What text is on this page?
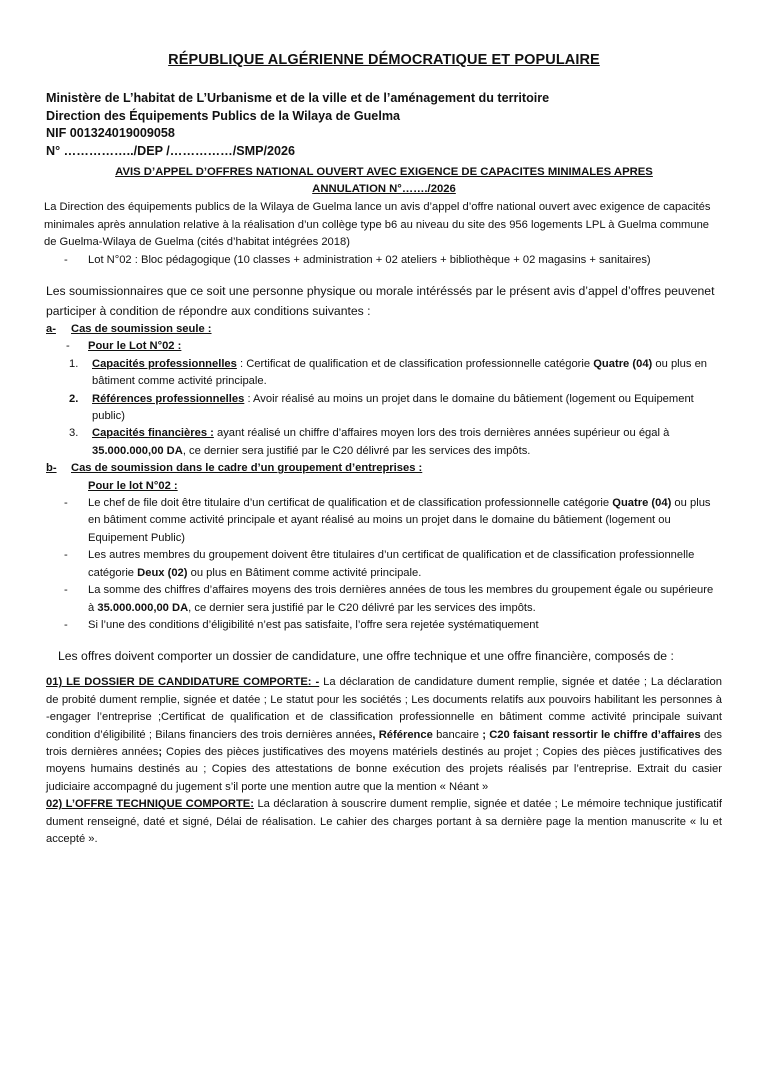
RÉPUBLIQUE ALGÉRIENNE DÉMOCRATIQUE ET POPULAIRE

Ministère de L’habitat de L’Urbanisme et de la ville et de l’aménagement du territoire

Direction des Équipements Publics de la Wilaya de Guelma

NIF 001324019009058

N° ……………../DEP /……………/SMP/2026

AVIS D’APPEL D’OFFRES NATIONAL OUVERT AVEC EXIGENCE DE CAPACITES MINIMALES APRES
ANNULATION N°……./2026

La Direction des équipements publics de la Wilaya de Guelma lance un avis d’appel d’offre national ouvert avec exigence de capacités minimales après annulation relative à la réalisation d’un collège type b6 au niveau du site des 956 logements LPL à Guelma commune de Guelma-Wilaya de Guelma (cités d’habitat intégrées 2018)

- Lot N°02 : Bloc pédagogique (10 classes + administration + 02 ateliers + bibliothèque + 02 magasins + sanitaires)

Les soumissionnaires que ce soit une personne physique ou morale intéréssés par le présent avis d’appel d’offres peuvenet participer à condition de répondre aux conditions suivantes :

a- Cas de soumission seule :

- Pour le Lot N°02 :

1. Capacités professionnelles : Certificat de qualification et de classification professionnelle catégorie Quatre (04) ou plus en bâtiment comme activité principale.

2. Références professionnelles : Avoir réalisé au moins un projet dans le domaine du bâtiement (logement ou Equipement public)

3. Capacités financières : ayant réalisé un chiffre d’affaires moyen lors des trois dernières années supérieur ou égal à 35.000.000,00 DA, ce dernier sera justifié par le C20 délivré par les services des impôts.

b- Cas de soumission dans le cadre d’un groupement d’entreprises :

Pour le lot N°02 :

- Le chef de file doit être titulaire d’un certificat de qualification et de classification professionnelle catégorie Quatre (04) ou plus en bâtiment comme activité principale et ayant réalisé au moins un projet dans le domaine du bâtiement (logement ou Equipement Public)

- Les autres membres du groupement doivent être titulaires d’un certificat de qualification et de classification professionnelle catégorie Deux (02) ou plus en Bâtiment comme activité principale.

- La somme des chiffres d’affaires moyens des trois dernières années de tous les membres du groupement égale ou supérieure à 35.000.000,00 DA, ce dernier sera justifié par le C20 délivré par les services des impôts.

- Si l’une des conditions d’éligibilité n’est pas satisfaite, l’offre sera rejetée systématiquement

Les offres doivent comporter un dossier de candidature, une offre technique et une offre financière, composés de :

01) LE DOSSIER DE CANDIDATURE COMPORTE: - La déclaration de candidature dument remplie, signée et datée ; La déclaration de probité dument remplie, signée et datée ; Le statut pour les sociétés ; Les documents relatifs aux pouvoirs habilitant les personnes à -engager l’entreprise ;Certificat de qualification et de classification professionnelle en bâtiment comme activité principale suivant condition d’éligibilité ; Bilans financiers des trois dernières années, Référence bancaire ; C20 faisant ressortir le chiffre d’affaires des trois dernières années; Copies des pièces justificatives des moyens matériels destinés au projet ; Copies des pièces justificatives des moyens humains destinés au ; Copies des attestations de bonne exécution des projets réalisés par l’entreprise. Extrait du casier judiciaire accompagné du jugement s’il porte une mention autre que la mention « Néant »

02) L’OFFRE TECHNIQUE COMPORTE: La déclaration à souscrire dument remplie, signée et datée ; Le mémoire technique justificatif dument renseigné, daté et signé, Délai de réalisation. Le cahier des charges portant à sa dernière page la mention manuscrite « lu et accepté ».
